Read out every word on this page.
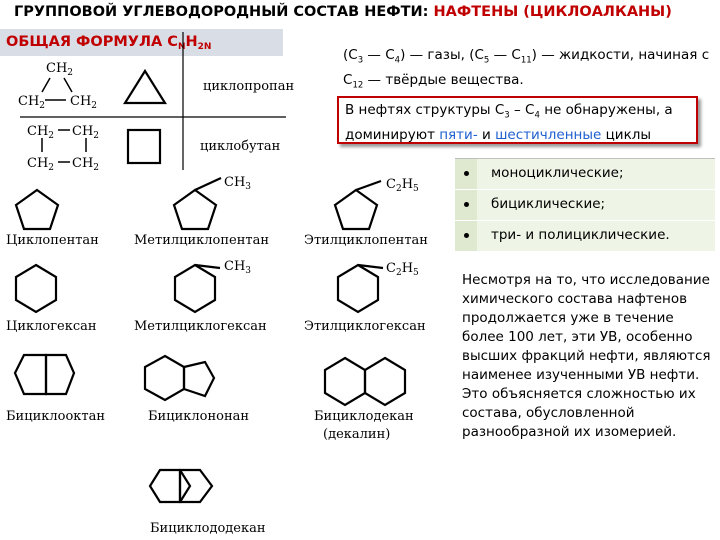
ГРУППОВОЙ УГЛЕВОДОРОДНЫЙ СОСТАВ НЕФТИ: НАФТЕНЫ (ЦИКЛОАЛКАНЫ)
ОБЩАЯ ФОРМУЛА $C_NH_{2N}$	($С_3$ — $С_4$) — газы, ($С_5$ — $С_{11}$) — жидкости, начиная с $С_{12}$ — твёрдые вещества.
В нефтях структуры $С_3 - С_4$ не обнаружены, а доминируют пяти- и шестичленные циклы
моноциклические;
бициклические;
три- и полициклические.
Несмотря на то, что исследование химического состава нафтенов продолжается уже в течение более 100 лет, эти УВ, особенно высших фракций нефти, являются наименее изученными УВ нефти. Это объясняется сложностью их состава, обусловленной разнообразной их изомерией.
$CH_2$
$CH_2$ $CH_2$
$CH_2$ $CH_2$
$CH_2$ $CH_2$
циклопропан
циклобутан
$CH_3$	$C_2H_5$
$CH_3$	$C_2H_5$
Циклопентан	Метилциклопентан	Этилциклопентан
Циклогексан	Метилциклогексан	Этилциклогексан
Бициклооктан	Бициклононан	Бициклодекан
(декалин)
Бициклододекан
